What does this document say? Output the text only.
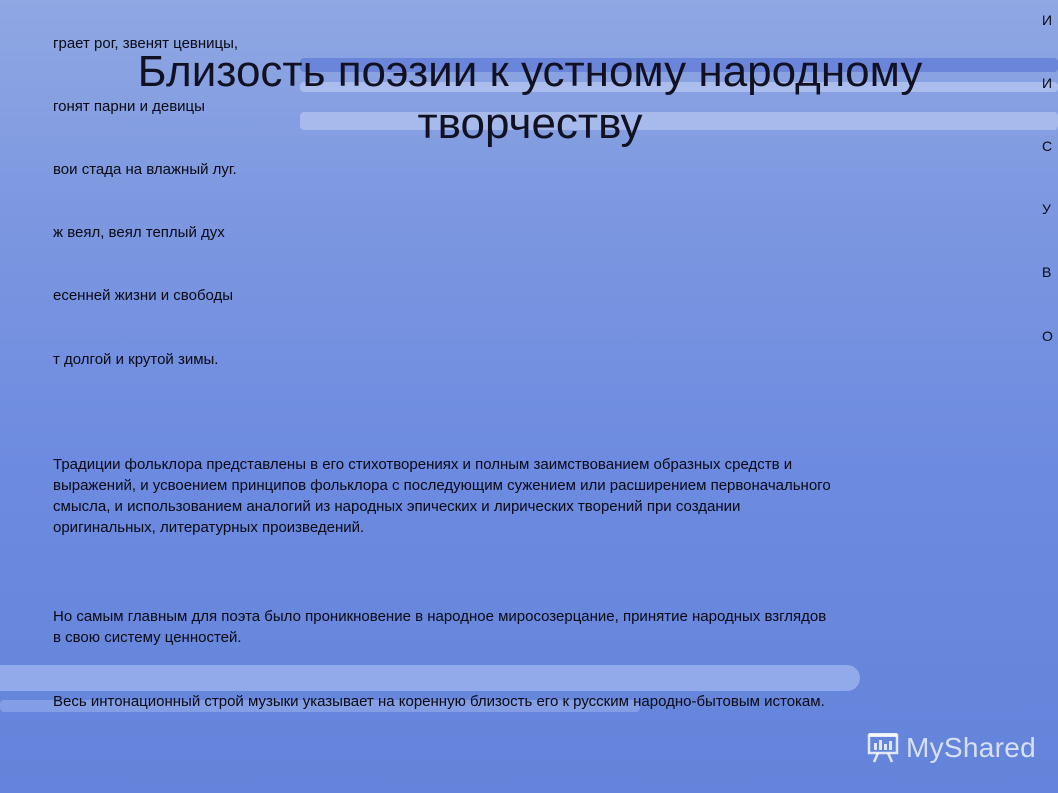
грает рог, звенят цевницы,

Близость поэзии к устному народному творчеству

гонят парни и девицы

вои стада на влажный луг.

ж веял, веял теплый дух

есенней жизни и свободы

т долгой и крутой зимы.

Традиции фольклора представлены в его стихотворениях и полным заимствованием образных средств и выражений, и усвоением принципов фольклора с последующим сужением или расширением первоначального смысла, и использованием аналогий из народных эпических и лирических творений при создании оригинальных, литературных произведений.

Но самым главным для поэта было проникновение в народное миросозерцание, принятие народных взглядов в свою систему ценностей.

Весь интонационный строй музыки указывает на коренную близость его к русским народно-бытовым истокам.

И
И
С
У
В
О
MyShared
